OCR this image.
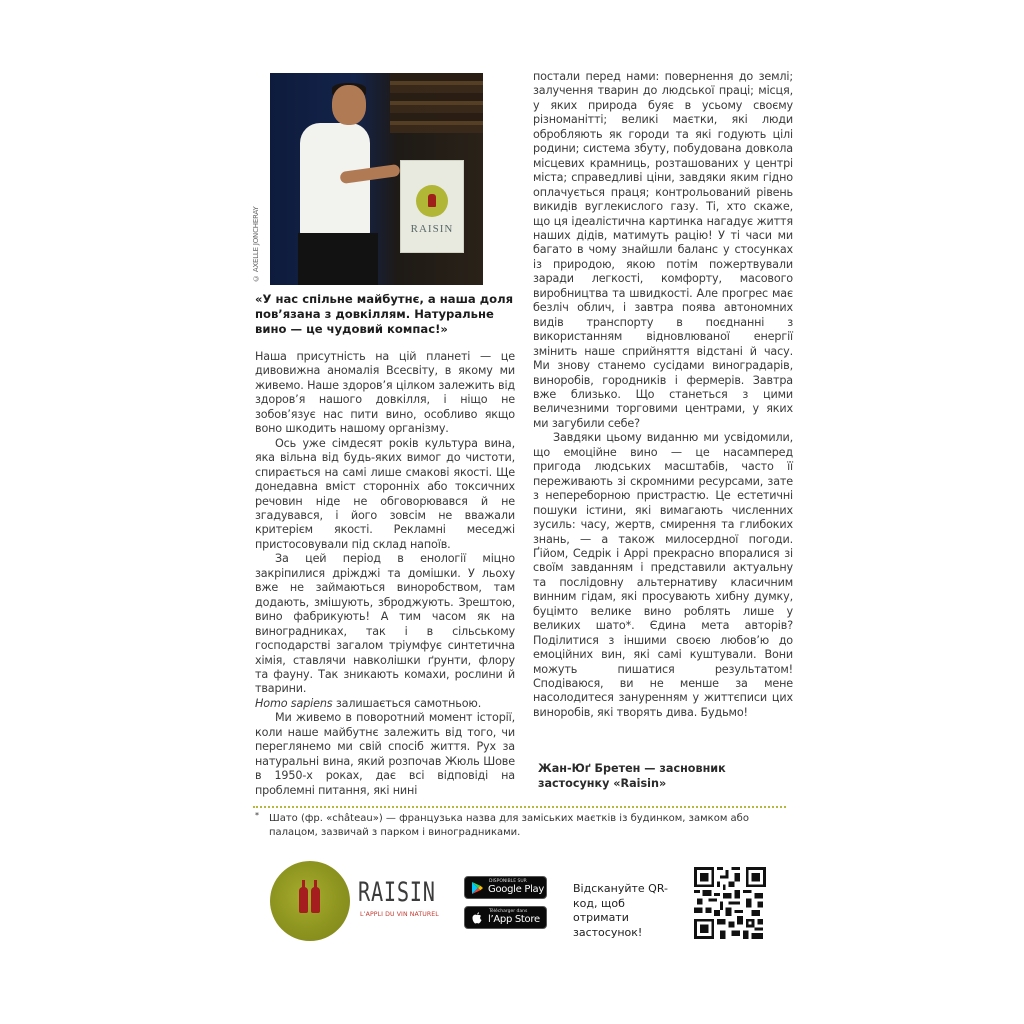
RAISIN
© AXELLE JONCHERAY
«У нас спільне майбутнє, а наша доля пов’язана з довкіллям. Натуральне вино — це чудовий компас!»

Наша присутність на цій планеті — це дивовижна аномалія Всесвіту, в якому ми живемо. Наше здоров’я цілком залежить від здоров’я нашого довкілля, і ніщо не зобов’язує нас пити вино, особливо якщо воно шкодить нашому організму.

Ось уже сімдесят років культура вина, яка вільна від будь-яких вимог до чистоти, спирається на самі лише смакові якості. Ще донедавна вміст сторонніх або токсичних речовин ніде не обговорювався й не згадувався, і його зовсім не вважали критерієм якості. Рекламні меседжі пристосовували під склад напоїв.

За цей період в енології міцно закріпилися дріжджі та домішки. У льоху вже не займаються виноробством, там додають, змішують, зброджують. Зрештою, вино фабрикують! А тим часом як на виноградниках, так і в сільському господарстві загалом тріумфує синтетична хімія, ставлячи навколішки ґрунти, флору та фауну. Так зникають комахи, рослини й тварини.

Homo sapiens залишається самотньою.

Ми живемо в поворотний момент історії, коли наше майбутнє залежить від того, чи переглянемо ми свій спосіб життя. Рух за натуральні вина, який розпочав Жюль Шове в 1950-х роках, дає всі відповіді на проблемні питання, які нині

постали перед нами: повернення до землі; залучення тварин до людської праці; місця, у яких природа буяє в усьому своєму різноманітті; великі маєтки, які люди обробляють як городи та які годують цілі родини; система збуту, побудована довкола місцевих крамниць, розташованих у центрі міста; справедливі ціни, завдяки яким гідно оплачується праця; контрольований рівень викидів вуглекислого газу. Ті, хто скаже, що ця ідеалістична картинка нагадує життя наших дідів, матимуть рацію! У ті часи ми багато в чому знайшли баланс у стосунках із природою, якою потім пожертвували заради легкості, комфорту, масового виробництва та швидкості. Але прогрес має безліч облич, і завтра поява автономних видів транспорту в поєднанні з використанням відновлюваної енергії змінить наше сприйняття відстані й часу. Ми знову станемо сусідами виноградарів, виноробів, городників і фермерів. Завтра вже близько. Що станеться з цими величезними торговими центрами, у яких ми загубили себе?

Завдяки цьому виданню ми усвідомили, що емоційне вино — це насамперед пригода людських масштабів, часто її переживають зі скромними ресурсами, зате з непереборною пристрастю. Це естетичні пошуки істини, які вимагають численних зусиль: часу, жертв, смирення та глибоких знань, — а також милосердної погоди. Ґійом, Седрік і Аррі прекрасно впоралися зі своїм завданням і представили актуальну та послідовну альтернативу класичним винним гідам, які просувають хибну думку, буцімто велике вино роблять лише у великих шато*. Єдина мета авторів? Поділитися з іншими своєю любов’ю до емоційних вин, які самі куштували. Вони можуть пишатися результатом! Сподіваюся, ви не менше за мене насолодитеся зануренням у життєписи цих виноробів, які творять дива. Будьмо!

Жан-Юґ Бретен — засновник застосунку «Raisin»
* Шато (фр. «château») — французька назва для заміських маєтків із будинком, замком або палацом, зазвичай з парком і виноградниками.
RAISIN
L’APPLI DU VIN NATUREL
DISPONIBLE SUR
Google Play
Télécharger dans
l’App Store
Відскануйте QR-код, щоб отримати застосунок!
